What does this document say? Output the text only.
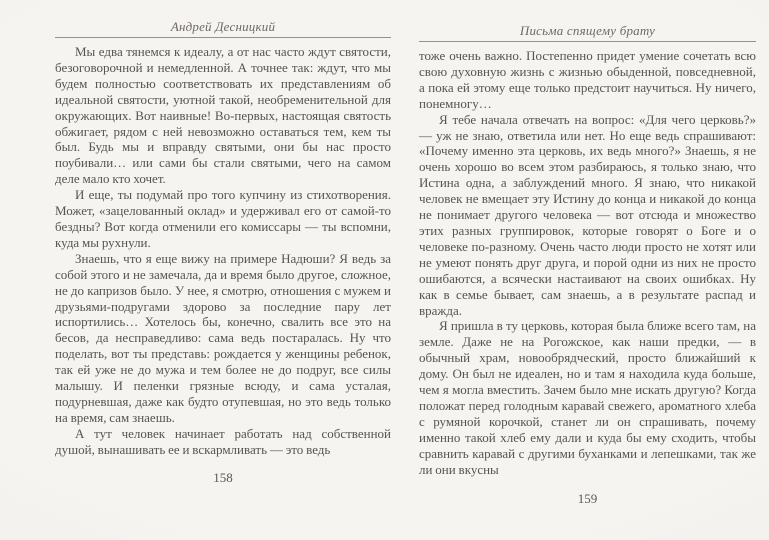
Андрей Десницкий

Мы едва тянемся к идеалу, а от нас часто ждут святости, безоговорочной и немедленной. А точнее так: ждут, что мы будем полностью соответствовать их представлениям об идеальной святости, уютной такой, необременительной для окружающих. Вот наивные! Во-первых, настоящая святость обжигает, рядом с ней невозможно оставаться тем, кем ты был. Будь мы и вправду святыми, они бы нас просто поубивали… или сами бы стали святыми, чего на самом деле мало кто хочет.

И еще, ты подумай про того купчину из стихотворения. Может, «зацелованный оклад» и удерживал его от самой-то бездны? Вот когда отменили его комиссары — ты вспомни, куда мы рухнули.

Знаешь, что я еще вижу на примере Надюши? Я ведь за собой этого и не замечала, да и время было другое, сложное, не до капризов было. У нее, я смотрю, отношения с мужем и друзьями-подругами здорово за последние пару лет испортились… Хотелось бы, конечно, свалить все это на бесов, да несправедливо: сама ведь постаралась. Ну что поделать, вот ты представь: рождается у женщины ребенок, так ей уже не до мужа и тем более не до подруг, все силы малышу. И пеленки грязные всюду, и сама усталая, подурневшая, даже как будто отупевшая, но это ведь только на время, сам знаешь.

А тут человек начинает работать над собственной душой, вынашивать ее и вскармливать — это ведь

158
Письма спящему брату

тоже очень важно. Постепенно придет умение сочетать всю свою духовную жизнь с жизнью обыденной, повседневной, а пока ей этому еще только предстоит научиться. Ну ничего, понемногу…

Я тебе начала отвечать на вопрос: «Для чего церковь?» — уж не знаю, ответила или нет. Но еще ведь спрашивают: «Почему именно эта церковь, их ведь много?» Знаешь, я не очень хорошо во всем этом разбираюсь, я только знаю, что Истина одна, а заблуждений много. Я знаю, что никакой человек не вмещает эту Истину до конца и никакой до конца не понимает другого человека — вот отсюда и множество этих разных группировок, которые говорят о Боге и о человеке по-разному. Очень часто люди просто не хотят или не умеют понять друг друга, и порой одни из них не просто ошибаются, а всячески настаивают на своих ошибках. Ну как в семье бывает, сам знаешь, а в результате распад и вражда.

Я пришла в ту церковь, которая была ближе всего там, на земле. Даже не на Рогожское, как наши предки, — в обычный храм, новообрядческий, просто ближайший к дому. Он был не идеален, но и там я находила куда больше, чем я могла вместить. Зачем было мне искать другую? Когда положат перед голодным каравай свежего, ароматного хлеба с румяной корочкой, станет ли он спрашивать, почему именно такой хлеб ему дали и куда бы ему сходить, чтобы сравнить каравай с другими буханками и лепешками, так же ли они вкусны

159
